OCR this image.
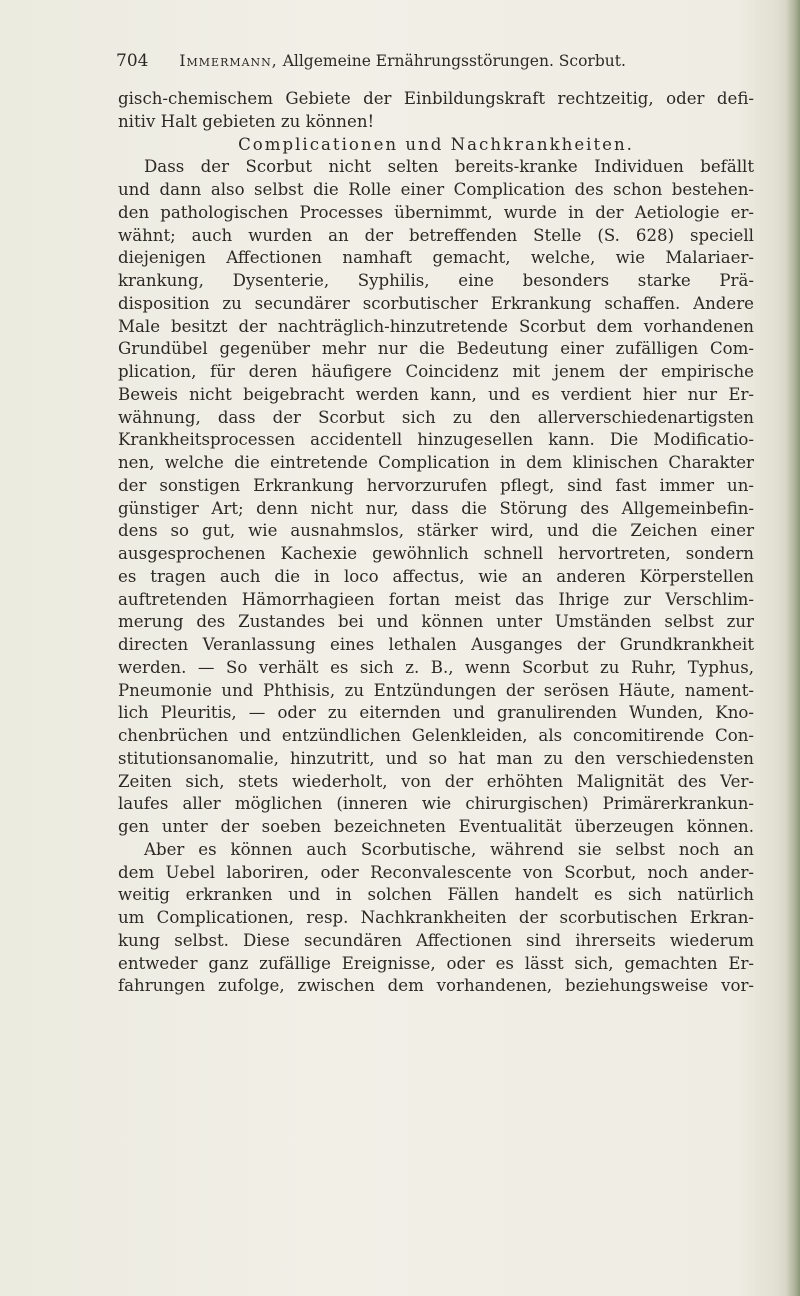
704 Immermann, Allgemeine Ernährungsstörungen. Scorbut.
gisch-chemischem Gebiete der Einbildungskraft rechtzeitig, oder defi-
nitiv Halt gebieten zu können!
Complicationen und Nachkrankheiten.
Dass der Scorbut nicht selten bereits-kranke Individuen befällt
und dann also selbst die Rolle einer Complication des schon bestehen-
den pathologischen Processes übernimmt, wurde in der Aetiologie er-
wähnt; auch wurden an der betreffenden Stelle (S. 628) speciell
diejenigen Affectionen namhaft gemacht, welche, wie Malariaer-
krankung, Dysenterie, Syphilis, eine besonders starke Prä-
disposition zu secundärer scorbutischer Erkrankung schaffen. Andere
Male besitzt der nachträglich-hinzutretende Scorbut dem vorhandenen
Grundübel gegenüber mehr nur die Bedeutung einer zufälligen Com-
plication, für deren häufigere Coincidenz mit jenem der empirische
Beweis nicht beigebracht werden kann, und es verdient hier nur Er-
wähnung, dass der Scorbut sich zu den allerverschiedenartigsten
Krankheitsprocessen accidentell hinzugesellen kann. Die Modificatio-
nen, welche die eintretende Complication in dem klinischen Charakter
der sonstigen Erkrankung hervorzurufen pflegt, sind fast immer un-
günstiger Art; denn nicht nur, dass die Störung des Allgemeinbefin-
dens so gut, wie ausnahmslos, stärker wird, und die Zeichen einer
ausgesprochenen Kachexie gewöhnlich schnell hervortreten, sondern
es tragen auch die in loco affectus, wie an anderen Körperstellen
auftretenden Hämorrhagieen fortan meist das Ihrige zur Verschlim-
merung des Zustandes bei und können unter Umständen selbst zur
directen Veranlassung eines lethalen Ausganges der Grundkrankheit
werden. — So verhält es sich z. B., wenn Scorbut zu Ruhr, Typhus,
Pneumonie und Phthisis, zu Entzündungen der serösen Häute, nament-
lich Pleuritis, — oder zu eiternden und granulirenden Wunden, Kno-
chenbrüchen und entzündlichen Gelenkleiden, als concomitirende Con-
stitutionsanomalie, hinzutritt, und so hat man zu den verschiedensten
Zeiten sich, stets wiederholt, von der erhöhten Malignität des Ver-
laufes aller möglichen (inneren wie chirurgischen) Primärerkrankun-
gen unter der soeben bezeichneten Eventualität überzeugen können.
Aber es können auch Scorbutische, während sie selbst noch an
dem Uebel laboriren, oder Reconvalescente von Scorbut, noch ander-
weitig erkranken und in solchen Fällen handelt es sich natürlich
um Complicationen, resp. Nachkrankheiten der scorbutischen Erkran-
kung selbst. Diese secundären Affectionen sind ihrerseits wiederum
entweder ganz zufällige Ereignisse, oder es lässt sich, gemachten Er-
fahrungen zufolge, zwischen dem vorhandenen, beziehungsweise vor-
